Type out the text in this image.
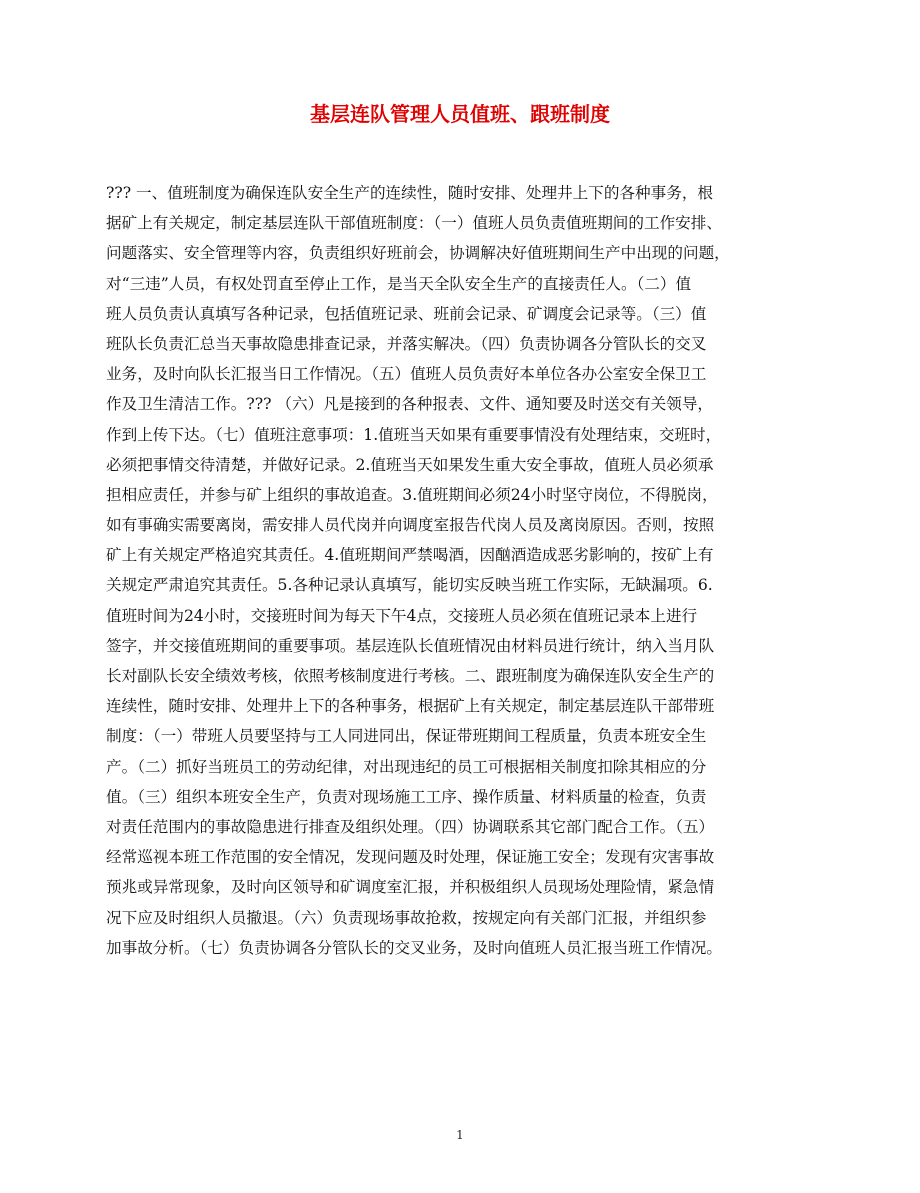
基层连队管理人员值班、跟班制度
??? 一、值班制度为确保连队安全生产的连续性，随时安排、处理井上下的各种事务，根
据矿上有关规定，制定基层连队干部值班制度：（一）值班人员负责值班期间的工作安排、
问题落实、安全管理等内容，负责组织好班前会，协调解决好值班期间生产中出现的问题，
对“三违”人员，有权处罚直至停止工作，是当天全队安全生产的直接责任人。（二）值
班人员负责认真填写各种记录，包括值班记录、班前会记录、矿调度会记录等。（三）值
班队长负责汇总当天事故隐患排查记录，并落实解决。（四）负责协调各分管队长的交叉
业务，及时向队长汇报当日工作情况。（五）值班人员负责好本单位各办公室安全保卫工
作及卫生清洁工作。??? （六）凡是接到的各种报表、文件、通知要及时送交有关领导，
作到上传下达。（七）值班注意事项：1.值班当天如果有重要事情没有处理结束，交班时，
必须把事情交待清楚，并做好记录。2.值班当天如果发生重大安全事故，值班人员必须承
担相应责任，并参与矿上组织的事故追查。3.值班期间必须24小时坚守岗位，不得脱岗，
如有事确实需要离岗，需安排人员代岗并向调度室报告代岗人员及离岗原因。否则，按照
矿上有关规定严格追究其责任。4.值班期间严禁喝酒，因酗酒造成恶劣影响的，按矿上有
关规定严肃追究其责任。5.各种记录认真填写，能切实反映当班工作实际，无缺漏项。6.
值班时间为24小时，交接班时间为每天下午4点，交接班人员必须在值班记录本上进行
签字，并交接值班期间的重要事项。基层连队长值班情况由材料员进行统计，纳入当月队
长对副队长安全绩效考核，依照考核制度进行考核。二、跟班制度为确保连队安全生产的
连续性，随时安排、处理井上下的各种事务，根据矿上有关规定，制定基层连队干部带班
制度：（一）带班人员要坚持与工人同进同出，保证带班期间工程质量，负责本班安全生
产。（二）抓好当班员工的劳动纪律，对出现违纪的员工可根据相关制度扣除其相应的分
值。（三）组织本班安全生产，负责对现场施工工序、操作质量、材料质量的检查，负责
对责任范围内的事故隐患进行排查及组织处理。（四）协调联系其它部门配合工作。（五）
经常巡视本班工作范围的安全情况，发现问题及时处理，保证施工安全；发现有灾害事故
预兆或异常现象，及时向区领导和矿调度室汇报，并积极组织人员现场处理险情，紧急情
况下应及时组织人员撤退。（六）负责现场事故抢救，按规定向有关部门汇报，并组织参
加事故分析。（七）负责协调各分管队长的交叉业务，及时向值班人员汇报当班工作情况。
1
